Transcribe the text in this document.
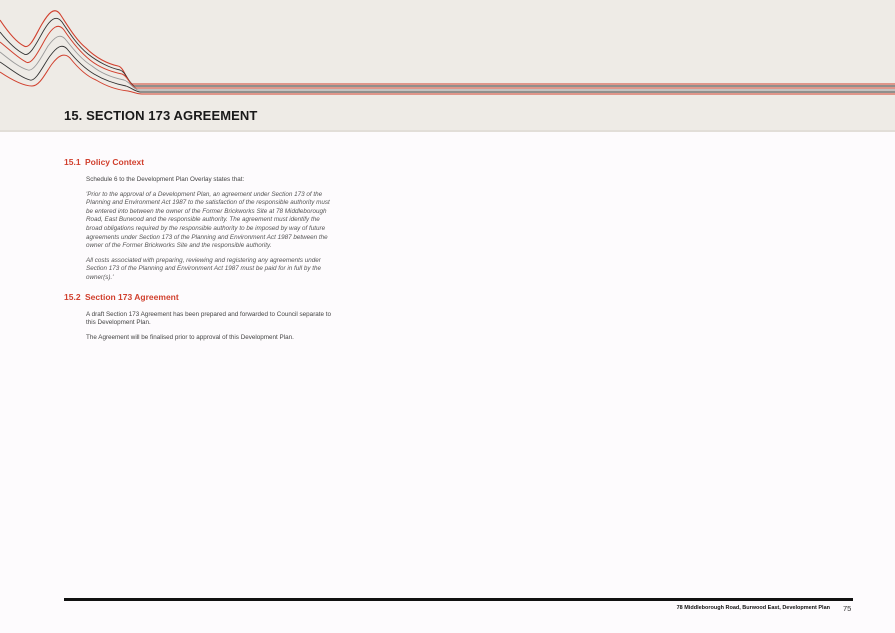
15. SECTION 173 AGREEMENT
15.1 Policy Context

Schedule 6 to the Development Plan Overlay states that:

'Prior to the approval of a Development Plan, an agreement under Section 173 of the Planning and Environment Act 1987 to the satisfaction of the responsible authority must be entered into between the owner of the Former Brickworks Site at 78 Middleborough Road, East Burwood and the responsible authority. The agreement must identify the broad obligations required by the responsible authority to be imposed by way of future agreements under Section 173 of the Planning and Environment Act 1987 between the owner of the Former Brickworks Site and the responsible authority.

All costs associated with preparing, reviewing and registering any agreements under Section 173 of the Planning and Environment Act 1987 must be paid for in full by the owner(s).'

15.2 Section 173 Agreement

A draft Section 173 Agreement has been prepared and forwarded to Council separate to this Development Plan.

The Agreement will be finalised prior to approval of this Development Plan.

78 Middleborough Road, Burwood East, Development Plan 75
